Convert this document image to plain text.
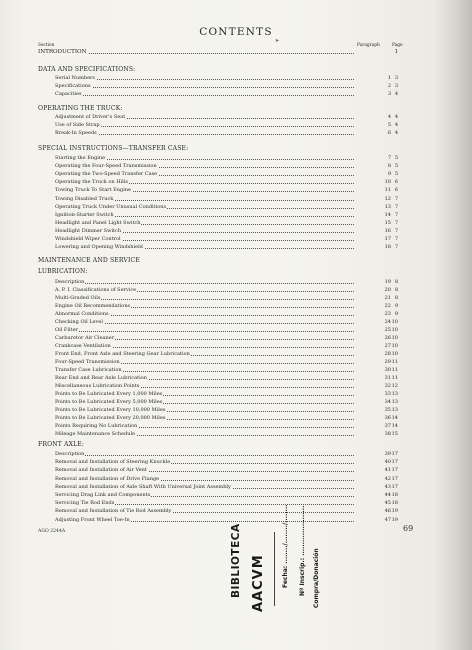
CONTENTS
➤
Section	Paragraph	Page
INTRODUCTION	1
DATA AND SPECIFICATIONS:
Serial Numbers	1 3
Specifications	2 3
Capacities	3 4
OPERATING THE TRUCK:
Adjustment of Driver's Seat	4 4
Use of Side Strap	5 4
Break-In Speeds	6 4
SPECIAL INSTRUCTIONS—TRANSFER CASE:
Starting the Engine	7 5
Operating the Four-Speed Transmission	8 5
Operating the Two-Speed Transfer Case	9 5
Operating the Truck on Hills	10 6
Towing Truck To Start Engine	11 6
Towing Disabled Truck	12 7
Operating Truck Under Unusual Conditions	13 7
Ignition-Starter Switch	14 7
Headlight and Panel Light Switch	15 7
Headlight Dimmer Switch	16 7
Windshield Wiper Control	17 7
Lowering and Opening Windshield	18 7
MAINTENANCE AND SERVICE
LUBRICATION:
Description	19 8
A. P. I. Classifications of Service	20 8
Multi-Graded Oils	21 8
Engine Oil Recommendations	22 9
Abnormal Conditions	23 9
Checking Oil Level	24 10
Oil Filter	25 10
Carburetor Air Cleaner	26 10
Crankcase Ventilation	27 10
Front End, Front Axle and Steering Gear Lubrication	28 10
Four-Speed Transmission	29 11
Transfer Case Lubrication	30 11
Rear End and Rear Axle Lubrication	31 11
Miscellaneous Lubrication Points	32 12
Points to Be Lubricated Every 1,000 Miles	33 13
Points to Be Lubricated Every 5,000 Miles	34 13
Points to Be Lubricated Every 10,000 Miles	35 13
Points to Be Lubricated Every 20,000 Miles	36 14
Points Requiring No Lubrication	37 14
Mileage Maintenance Schedule	38 15
FRONT AXLE:
Description	39 17
Removal and Installation of Steering Knuckle	40 17
Removal and Installation of Air Vent	41 17
Removal and Installation of Drive Flange	42 17
Removal and Installation of Axle Shaft With Universal Joint Assembly	43 17
Servicing Drag Link and Components	44 18
Servicing Tie Rod Ends	45 18
Removal and Installation of Tie Rod Assembly	46 19
Adjusting Front Wheel Toe-In	47 19
69
AGO 2244A	BIBLIOTECA AACVM	Fecha: ......../......../........ Nº Inscrip.: ...................... Compra/Donación
